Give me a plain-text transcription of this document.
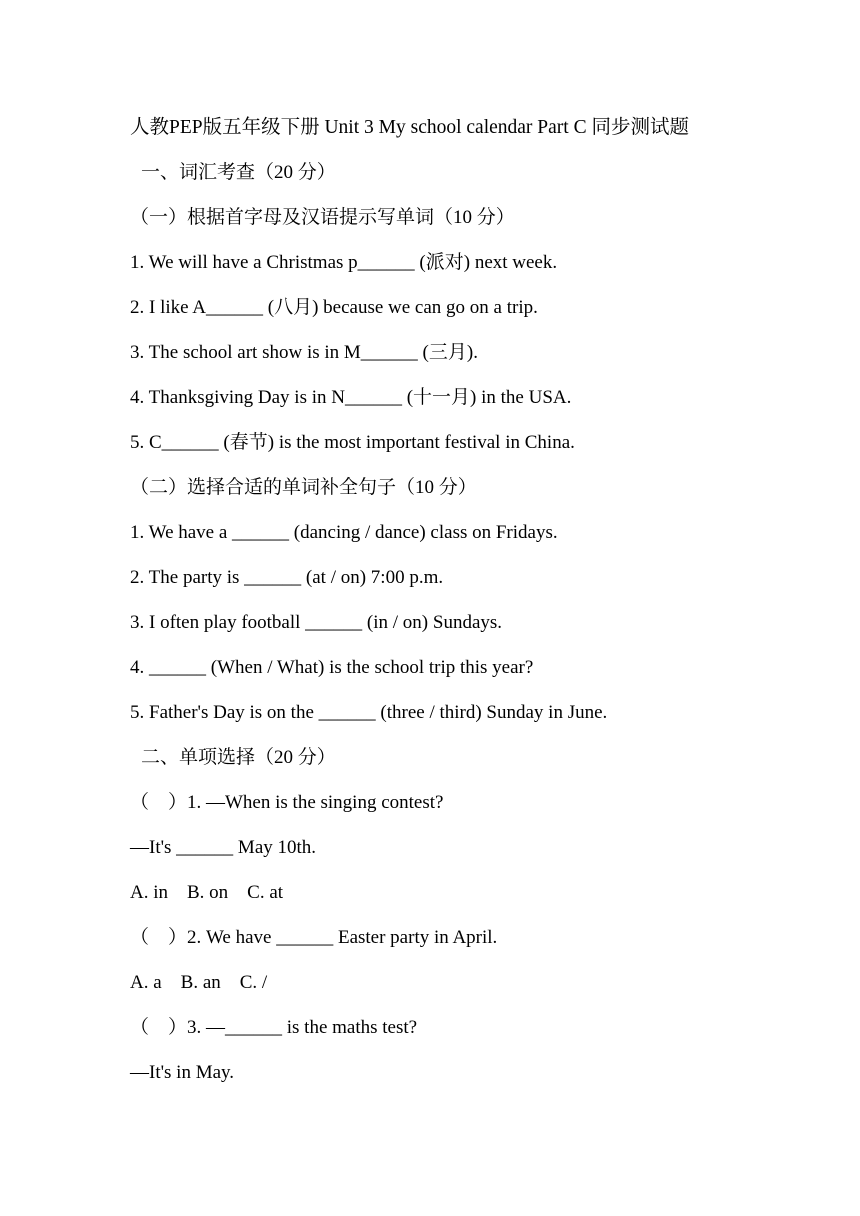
人教PEP版五年级下册 Unit 3 My school calendar Part C 同步测试题
一、词汇考查（20 分）
（一）根据首字母及汉语提示写单词（10 分）
1. We will have a Christmas p______ (派对) next week.
2. I like A______ (八月) because we can go on a trip.
3. The school art show is in M______ (三月).
4. Thanksgiving Day is in N______ (十一月) in the USA.
5. C______ (春节) is the most important festival in China.
（二）选择合适的单词补全句子（10 分）
1. We have a ______ (dancing / dance) class on Fridays.
2. The party is ______ (at / on) 7:00 p.m.
3. I often play football ______ (in / on) Sundays.
4. ______ (When / What) is the school trip this year?
5. Father's Day is on the ______ (three / third) Sunday in June.
二、单项选择（20 分）
（　）1. —When is the singing contest?
—It's ______ May 10th.
A. in　B. on　C. at
（　）2. We have ______ Easter party in April.
A. a　B. an　C. /
（　）3. —______ is the maths test?
—It's in May.
